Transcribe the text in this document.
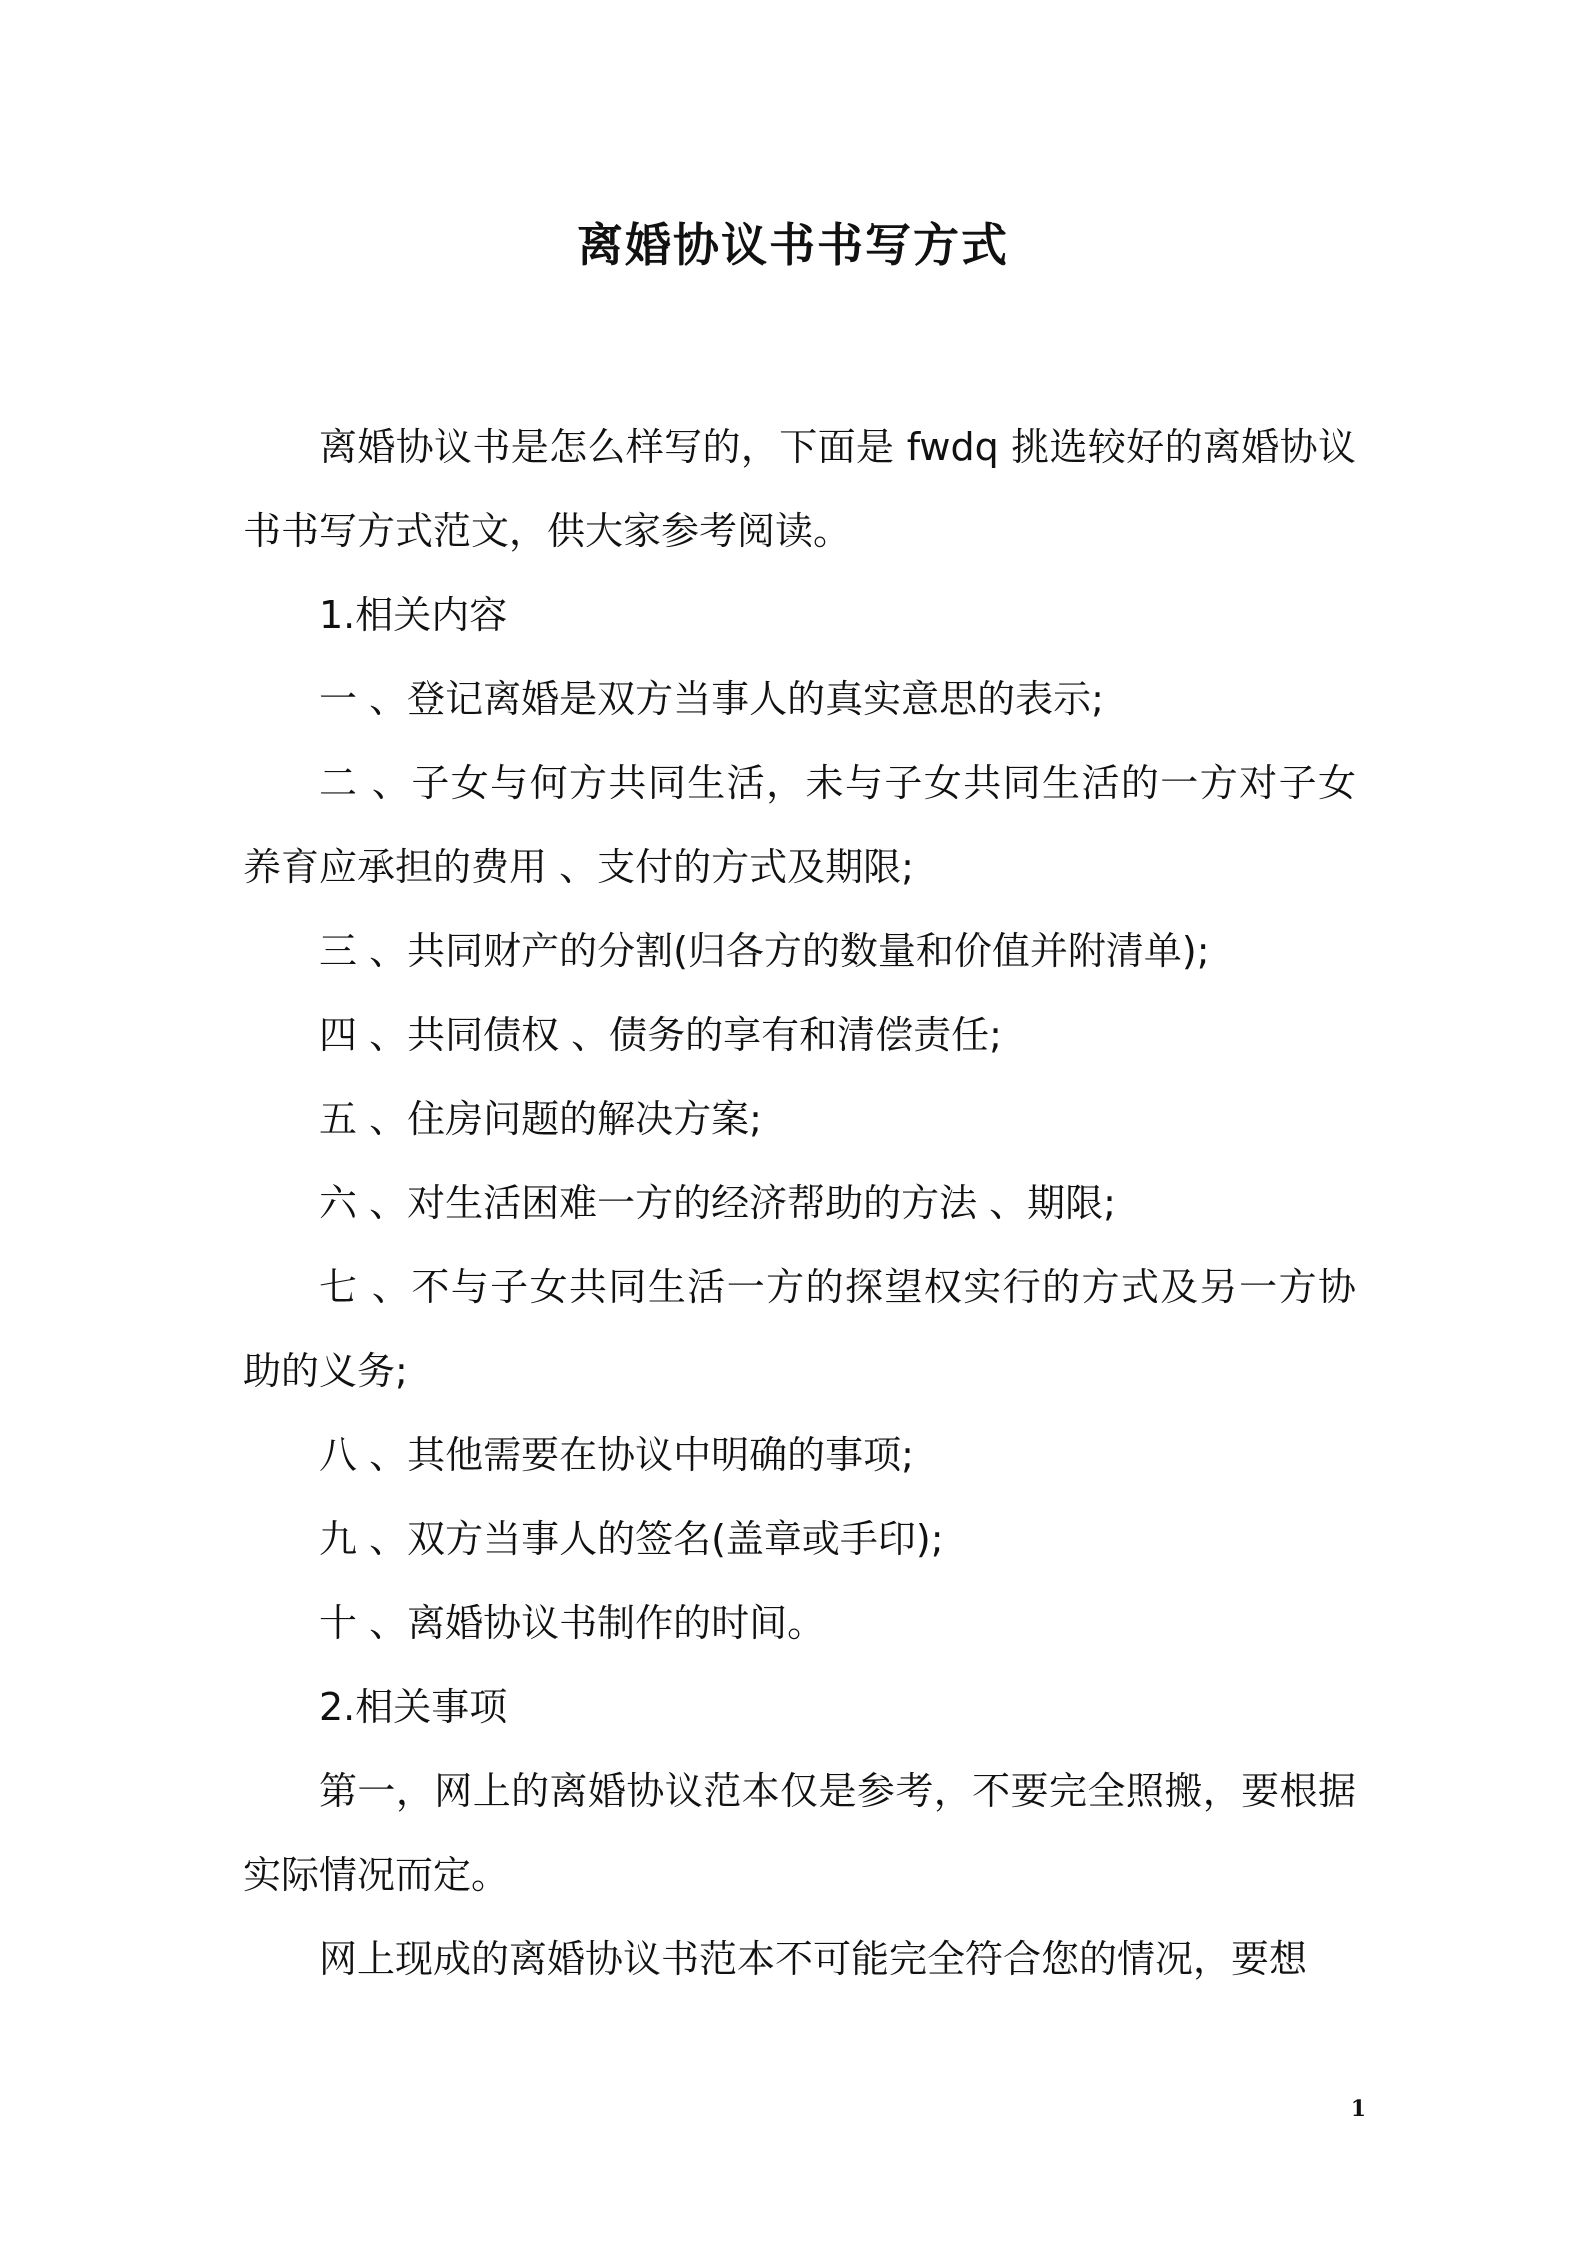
离婚协议书书写方式

离婚协议书是怎么样写的，下面是 fwdq 挑选较好的离婚协议书书写方式范文，供大家参考阅读。

1.相关内容

一 、登记离婚是双方当事人的真实意思的表示;

二 、子女与何方共同生活，未与子女共同生活的一方对子女养育应承担的费用 、支付的方式及期限;

三 、共同财产的分割(归各方的数量和价值并附清单);

四 、共同债权 、债务的享有和清偿责任;

五 、住房问题的解决方案;

六 、对生活困难一方的经济帮助的方法 、期限;

七 、不与子女共同生活一方的探望权实行的方式及另一方协助的义务;

八 、其他需要在协议中明确的事项;

九 、双方当事人的签名(盖章或手印);

十 、离婚协议书制作的时间。

2.相关事项

第一，网上的离婚协议范本仅是参考，不要完全照搬，要根据实际情况而定。

网上现成的离婚协议书范本不可能完全符合您的情况，要想

1
